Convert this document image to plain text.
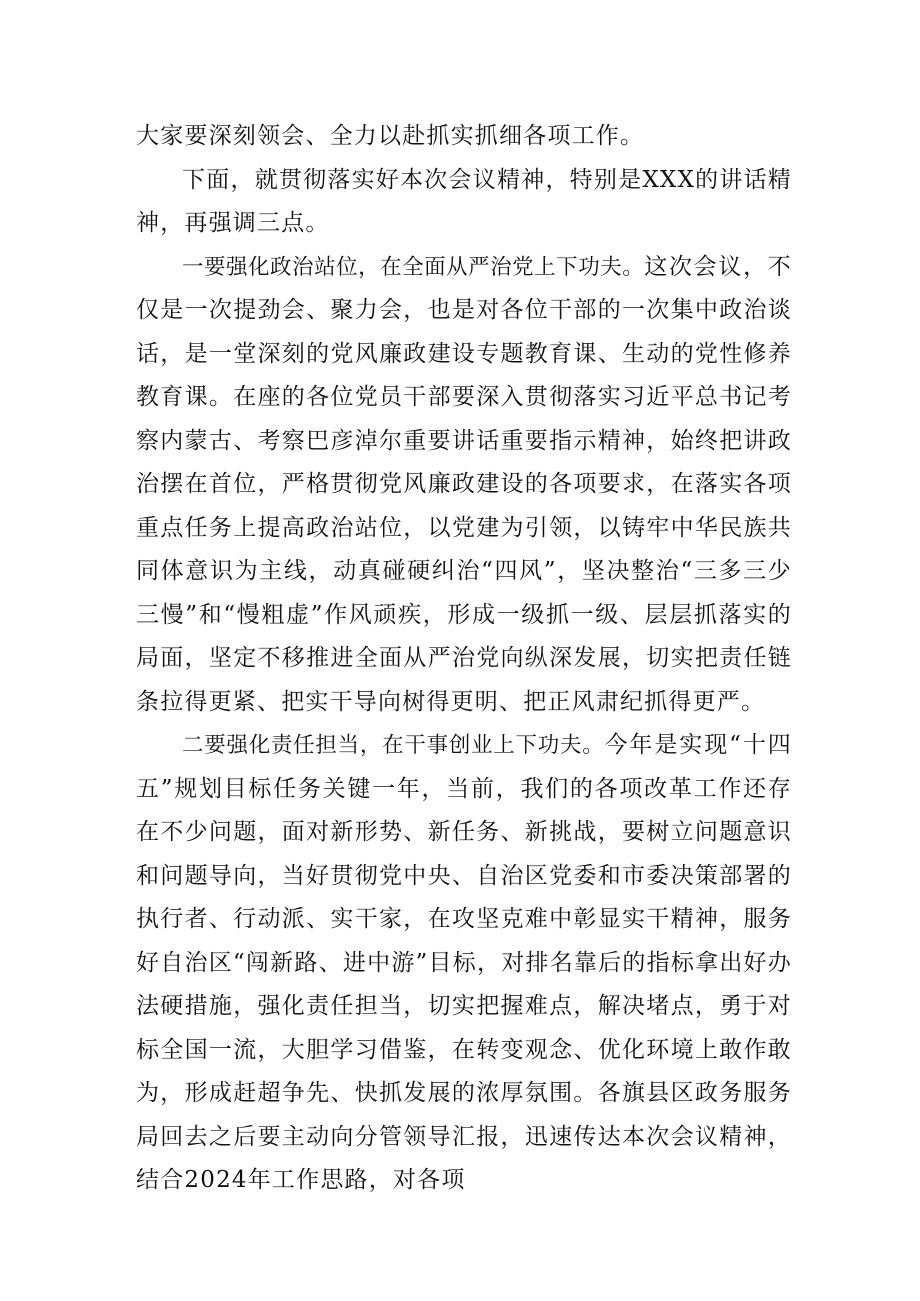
大家要深刻领会、全力以赴抓实抓细各项工作。

下面，就贯彻落实好本次会议精神，特别是XXX的讲话精神，再强调三点。

一要强化政治站位，在全面从严治党上下功夫。这次会议，不仅是一次提劲会、聚力会，也是对各位干部的一次集中政治谈话，是一堂深刻的党风廉政建设专题教育课、生动的党性修养教育课。在座的各位党员干部要深入贯彻落实习近平总书记考察内蒙古、考察巴彦淖尔重要讲话重要指示精神，始终把讲政治摆在首位，严格贯彻党风廉政建设的各项要求，在落实各项重点任务上提高政治站位，以党建为引领，以铸牢中华民族共同体意识为主线，动真碰硬纠治“四风”，坚决整治“三多三少三慢”和“慢粗虚”作风顽疾，形成一级抓一级、层层抓落实的局面，坚定不移推进全面从严治党向纵深发展，切实把责任链条拉得更紧、把实干导向树得更明、把正风肃纪抓得更严。

二要强化责任担当，在干事创业上下功夫。今年是实现“十四五”规划目标任务关键一年，当前，我们的各项改革工作还存在不少问题，面对新形势、新任务、新挑战，要树立问题意识和问题导向，当好贯彻党中央、自治区党委和市委决策部署的执行者、行动派、实干家，在攻坚克难中彰显实干精神，服务好自治区“闯新路、进中游”目标，对排名靠后的指标拿出好办法硬措施，强化责任担当，切实把握难点，解决堵点，勇于对标全国一流，大胆学习借鉴，在转变观念、优化环境上敢作敢为，形成赶超争先、快抓发展的浓厚氛围。各旗县区政务服务局回去之后要主动向分管领导汇报，迅速传达本次会议精神，结合2024年工作思路，对各项
